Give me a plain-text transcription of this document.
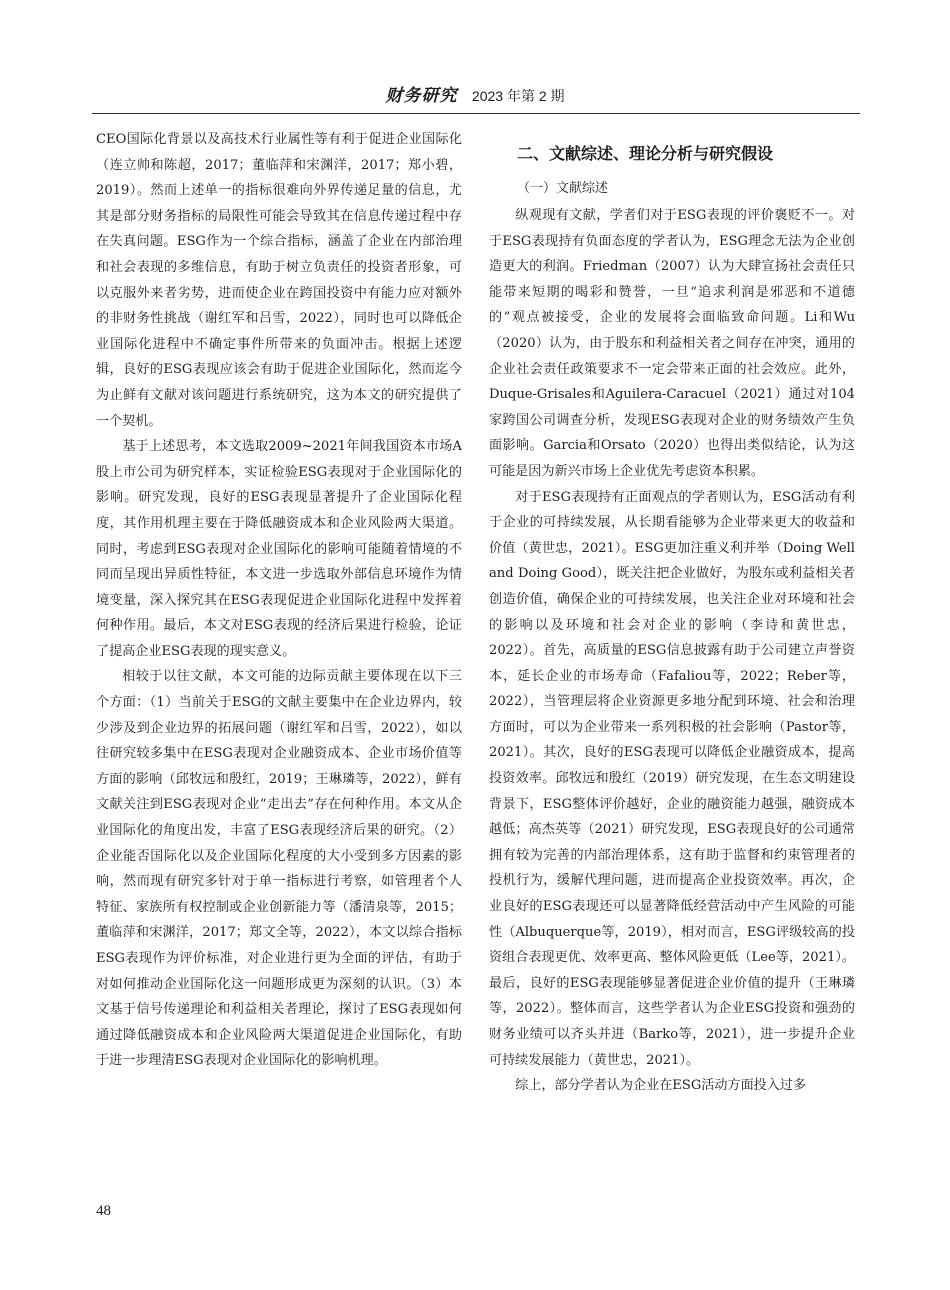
财务研究 2023 年第 2 期

CEO国际化背景以及高技术行业属性等有利于促进企业国际化（连立帅和陈超，2017；董临萍和宋渊洋，2017；郑小碧，2019）。然而上述单一的指标很难向外界传递足量的信息，尤其是部分财务指标的局限性可能会导致其在信息传递过程中存在失真问题。ESG作为一个综合指标，涵盖了企业在内部治理和社会表现的多维信息，有助于树立负责任的投资者形象，可以克服外来者劣势，进而使企业在跨国投资中有能力应对额外的非财务性挑战（谢红军和吕雪，2022），同时也可以降低企业国际化进程中不确定事件所带来的负面冲击。根据上述逻辑，良好的ESG表现应该会有助于促进企业国际化，然而迄今为止鲜有文献对该问题进行系统研究，这为本文的研究提供了一个契机。

基于上述思考，本文选取2009~2021年间我国资本市场A股上市公司为研究样本，实证检验ESG表现对于企业国际化的影响。研究发现，良好的ESG表现显著提升了企业国际化程度，其作用机理主要在于降低融资成本和企业风险两大渠道。同时，考虑到ESG表现对企业国际化的影响可能随着情境的不同而呈现出异质性特征，本文进一步选取外部信息环境作为情境变量，深入探究其在ESG表现促进企业国际化进程中发挥着何种作用。最后，本文对ESG表现的经济后果进行检验，论证了提高企业ESG表现的现实意义。

相较于以往文献，本文可能的边际贡献主要体现在以下三个方面：（1）当前关于ESG的文献主要集中在企业边界内，较少涉及到企业边界的拓展问题（谢红军和吕雪，2022），如以往研究较多集中在ESG表现对企业融资成本、企业市场价值等方面的影响（邱牧远和殷红，2019；王琳璘等，2022），鲜有文献关注到ESG表现对企业“走出去”存在何种作用。本文从企业国际化的角度出发，丰富了ESG表现经济后果的研究。（2）企业能否国际化以及企业国际化程度的大小受到多方因素的影响，然而现有研究多针对于单一指标进行考察，如管理者个人特征、家族所有权控制或企业创新能力等（潘清泉等，2015；董临萍和宋渊洋，2017；郑文全等，2022），本文以综合指标ESG表现作为评价标准，对企业进行更为全面的评估，有助于对如何推动企业国际化这一问题形成更为深刻的认识。（3）本文基于信号传递理论和利益相关者理论，探讨了ESG表现如何通过降低融资成本和企业风险两大渠道促进企业国际化，有助于进一步理清ESG表现对企业国际化的影响机理。

二、文献综述、理论分析与研究假设
（一）文献综述

纵观现有文献，学者们对于ESG表现的评价褒贬不一。对于ESG表现持有负面态度的学者认为，ESG理念无法为企业创造更大的利润。Friedman（2007）认为大肆宣扬社会责任只能带来短期的喝彩和赞誉，一旦“追求利润是邪恶和不道德的”观点被接受，企业的发展将会面临致命问题。Li和Wu（2020）认为，由于股东和利益相关者之间存在冲突，通用的企业社会责任政策要求不一定会带来正面的社会效应。此外，Duque-Grisales和Aguilera-Caracuel（2021）通过对104家跨国公司调查分析，发现ESG表现对企业的财务绩效产生负面影响。Garcia和Orsato（2020）也得出类似结论，认为这可能是因为新兴市场上企业优先考虑资本积累。

对于ESG表现持有正面观点的学者则认为，ESG活动有利于企业的可持续发展，从长期看能够为企业带来更大的收益和价值（黄世忠，2021）。ESG更加注重义利并举（Doing Well and Doing Good），既关注把企业做好，为股东或利益相关者创造价值，确保企业的可持续发展，也关注企业对环境和社会的影响以及环境和社会对企业的影响（李诗和黄世忠，2022）。首先，高质量的ESG信息披露有助于公司建立声誉资本，延长企业的市场寿命（Fafaliou等，2022；Reber等，2022），当管理层将企业资源更多地分配到环境、社会和治理方面时，可以为企业带来一系列积极的社会影响（Pastor等，2021）。其次，良好的ESG表现可以降低企业融资成本，提高投资效率。邱牧远和殷红（2019）研究发现，在生态文明建设背景下，ESG整体评价越好，企业的融资能力越强，融资成本越低；高杰英等（2021）研究发现，ESG表现良好的公司通常拥有较为完善的内部治理体系，这有助于监督和约束管理者的投机行为，缓解代理问题，进而提高企业投资效率。再次，企业良好的ESG表现还可以显著降低经营活动中产生风险的可能性（Albuquerque等，2019），相对而言，ESG评级较高的投资组合表现更优、效率更高、整体风险更低（Lee等，2021）。最后，良好的ESG表现能够显著促进企业价值的提升（王琳璘等，2022）。整体而言，这些学者认为企业ESG投资和强劲的财务业绩可以齐头并进（Barko等，2021），进一步提升企业可持续发展能力（黄世忠，2021）。

综上，部分学者认为企业在ESG活动方面投入过多

48
